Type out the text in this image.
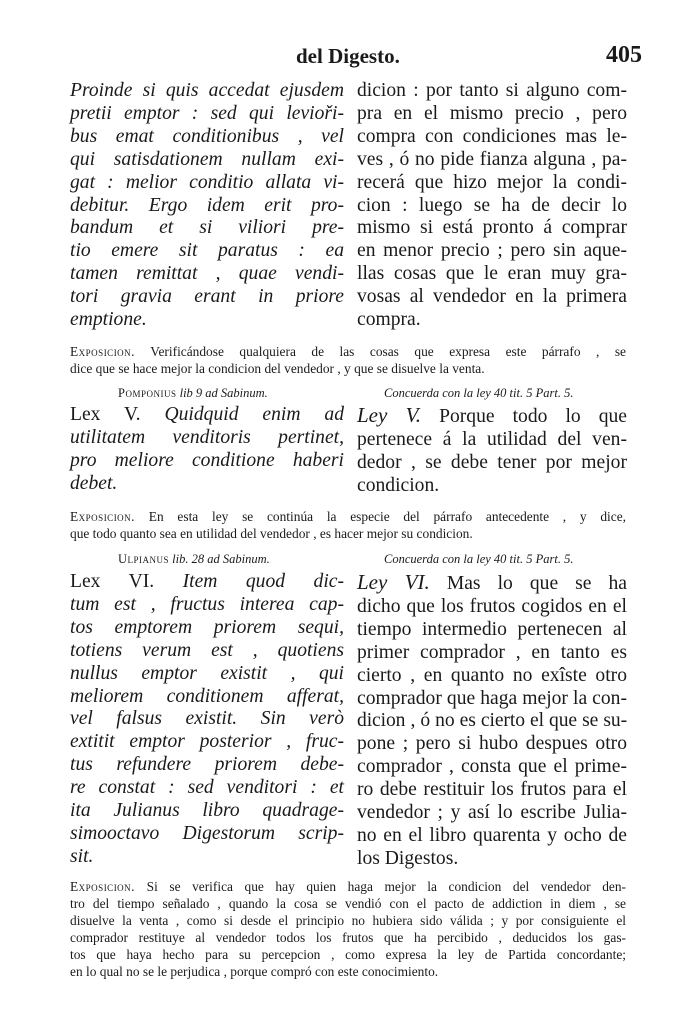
del Digesto.	405
Proinde si quis accedat ejusdem
pretii emptor : sed qui levioři-
bus emat conditionibus , vel
qui satisdationem nullam exi-
gat : melior conditio allata vi-
debitur. Ergo idem erit pro-
bandum et si viliori pre-
tio emere sit paratus : ea
tamen remittat , quae vendi-
tori gravia erant in priore
emptione.
dicion : por tanto si alguno com-
pra en el mismo precio , pero
compra con condiciones mas le-
ves , ó no pide fianza alguna , pa-
recerá que hizo mejor la condi-
cion : luego se ha de decir lo
mismo si está pronto á comprar
en menor precio ; pero sin aque-
llas cosas que le eran muy gra-
vosas al vendedor en la primera
compra.
Exposicion. Verificándose qualquiera de las cosas que expresa este párrafo , se
dice que se hace mejor la condicion del vendedor , y que se disuelve la venta.
Pomponius lib 9 ad Sabinum.	Concuerda con la ley 40 tit. 5 Part. 5.
Lex V. Quidquid enim ad
utilitatem venditoris pertinet,
pro meliore conditione haberi
debet.
Ley V. Porque todo lo que
pertenece á la utilidad del ven-
dedor , se debe tener por mejor
condicion.
Exposicion. En esta ley se continúa la especie del párrafo antecedente , y dice,
que todo quanto sea en utilidad del vendedor , es hacer mejor su condicion.
Ulpianus lib. 28 ad Sabinum.	Concuerda con la ley 40 tit. 5 Part. 5.
Lex VI. Item quod dic-
tum est , fructus interea cap-
tos emptorem priorem sequi,
totiens verum est , quotiens
nullus emptor existit , qui
meliorem conditionem afferat,
vel falsus existit. Sin verò
extitit emptor posterior , fruc-
tus refundere priorem debe-
re constat : sed venditori : et
ita Julianus libro quadrage-
simooctavo Digestorum scrip-
sit.
Ley VI. Mas lo que se ha
dicho que los frutos cogidos en el
tiempo intermedio pertenecen al
primer comprador , en tanto es
cierto , en quanto no exîste otro
comprador que haga mejor la con-
dicion , ó no es cierto el que se su-
pone ; pero si hubo despues otro
comprador , consta que el prime-
ro debe restituir los frutos para el
vendedor ; y así lo escribe Julia-
no en el libro quarenta y ocho de
los Digestos.
Exposicion. Si se verifica que hay quien haga mejor la condicion del vendedor den-
tro del tiempo señalado , quando la cosa se vendió con el pacto de addiction in diem , se
disuelve la venta , como si desde el principio no hubiera sido válida ; y por consiguiente el
comprador restituye al vendedor todos los frutos que ha percibido , deducidos los gas-
tos que haya hecho para su percepcion , como expresa la ley de Partida concordante;
en lo qual no se le perjudica , porque compró con este conocimiento.
